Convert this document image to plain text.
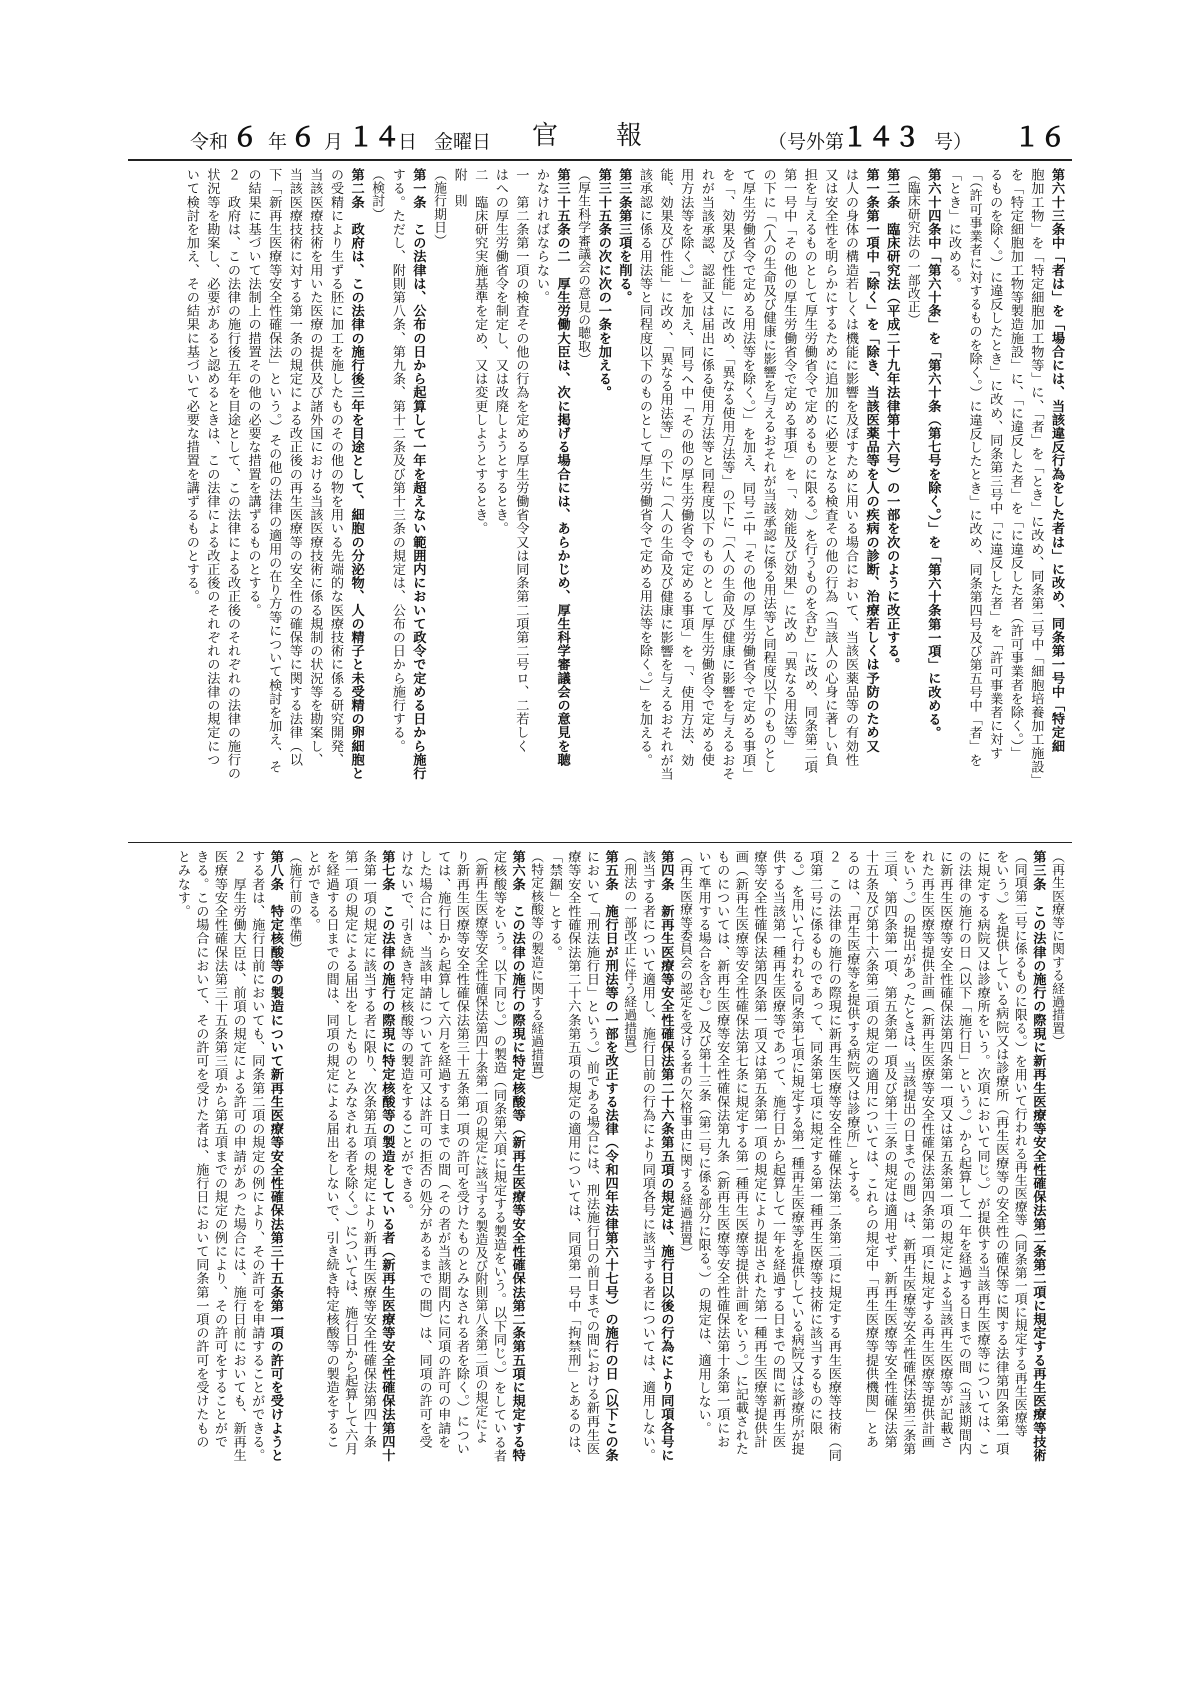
令和 ６ 年 ６ 月 １４
日 金曜日 官　　報	（号外第
１４３ 号） １６
第六十三条中「者は」を「場合には、当該違反行為をした者は」に改め、同条第一号中「特定細
胞加工物」を「特定細胞加工物等」に、「者」を「とき」に改め、同条第二号中「細胞培養加工施設」
を「特定細胞加工物等製造施設」に、「に違反した者」を「に違反した者（許可事業者を除く。）」
るものを除く。）に違反したとき」に改め、同条第三号中「に違反した者」を「許可事業者に対す
「（許可事業者に対するものを除く。）に違反したとき」に改め、同条第四号及び第五号中「者」を
「とき」に改める。
第六十四条中「第六十条」を「第六十条（第七号を除く。）」を「第六十条第一項」に改める。
（臨床研究法の一部改正）
第二条　臨床研究法（平成二十九年法律第十六号）の一部を次のように改正する。
第一条第一項中「除く」を「除き、当該医薬品等を人の疾病の診断、治療若しくは予防のため又
は人の身体の構造若しくは機能に影響を及ぼすために用いる場合において、当該医薬品等の有効性
又は安全性を明らかにするために追加的に必要となる検査その他の行為（当該人の心身に著しい負
担を与えるものとして厚生労働省令で定めるものに限る。）を行うものを含む」に改め、同条第二項
第一号中「その他の厚生労働省令で定める事項」を「、効能及び効果」に改め「異なる用法等」
の下に「（人の生命及び健康に影響を与えるおそれが当該承認に係る用法等と同程度以下のものとし
て厚生労働省令で定める用法等を除く。）」を加え、同号ニ中「その他の厚生労働省令で定める事項」
を「、効果及び性能」に改め、「異なる使用方法等」の下に「（人の生命及び健康に影響を与えるおそ
れが当該承認、認証又は届出に係る使用方法等と同程度以下のものとして厚生労働省令で定める使
用方法等を除く。）」を加え、同号ヘ中「その他の厚生労働省令で定める事項」を「、使用方法、効
能、効果及び性能」に改め、「異なる用法等」の下に「（人の生命及び健康に影響を与えるおそれが当
該承認に係る用法等と同程度以下のものとして厚生労働省令で定める用法等を除く。）」を加える。
第三条第三項を削る。
第三十五条の次に次の一条を加える。
（厚生科学審議会の意見の聴取）
第三十五条の二　厚生労働大臣は、次に掲げる場合には、あらかじめ、厚生科学審議会の意見を聴
かなければならない。
一　第二条第一項の検査その他の行為を定める厚生労働省令又は同条第二項第二号ロ、二若しく
はへの厚生労働省令を制定し、又は改廃しようとするとき。
二　臨床研究実施基準を定め、又は変更しようとするとき。
附　則
（施行期日）
第一条　この法律は、公布の日から起算して一年を超えない範囲内において政令で定める日から施行
する。ただし、附則第八条、第九条、第十二条及び第十三条の規定は、公布の日から施行する。
（検討）
第二条　政府は、この法律の施行後三年を目途として、細胞の分泌物、人の精子と未受精の卵細胞と
の受精により生ずる胚に加工を施したものその他の物を用いる先端的な医療技術に係る研究開発、
当該医療技術を用いた医療の提供及び諸外国における当該医療技術に係る規制の状況等を勘案し、
当該医療技術に対する第一条の規定による改正後の再生医療等の安全性の確保等に関する法律（以
下「新再生医療等安全性確保法」という。）その他の法律の適用の在り方等について検討を加え、そ
の結果に基づいて法制上の措置その他の必要な措置を講ずるものとする。
２　政府は、この法律の施行後五年を目途として、この法律による改正後のそれぞれの法律の施行の
状況等を勘案し、必要があると認めるときは、この法律による改正後のそれぞれの法律の規定につ
いて検討を加え、その結果に基づいて必要な措置を講ずるものとする。
（再生医療等に関する経過措置）
第三条　この法律の施行の際現に新再生医療等安全性確保法第二条第二項に規定する再生医療等技術
（同項第二号に係るものに限る。）を用いて行われる再生医療等（同条第一項に規定する再生医療等
をいう。）を提供している病院又は診療所（再生医療等の安全性の確保等に関する法律第四条第一項
に規定する病院又は診療所をいう。次項において同じ。）が提供する当該再生医療等については、こ
の法律の施行の日（以下「施行日」という。）から起算して一年を経過する日までの間（当該期間内
に新再生医療等安全性確保法第四条第一項又は第五条第一項の規定による当該再生医療等が記載さ
れた再生医療等提供計画（新再生医療等安全性確保法第四条第一項に規定する再生医療等提供計画
をいう。）の提出があったときは、当該提出の日までの間）は、新再生医療等安全性確保法第三条第
三項、第四条第一項、第五条第一項及び第十三条の規定は適用せず、新再生医療等安全性確保法第
十五条及び第十六条第二項の規定の適用については、これらの規定中「再生医療等提供機関」とあ
るのは、「再生医療等を提供する病院又は診療所」とする。
２　この法律の施行の際現に新再生医療等安全性確保法第二条第二項に規定する再生医療等技術（同
項第二号に係るものであって、同条第七項に規定する第一種再生医療等技術に該当するものに限
る。）を用いて行われる同条第七項に規定する第一種再生医療等を提供している病院又は診療所が提
供する当該第一種再生医療等であって、施行日から起算して一年を経過する日までの間に新再生医
療等安全性確保法第四条第一項又は第五条第一項の規定により提出された第一種再生医療等提供計
画（新再生医療等安全性確保法第七条に規定する第一種再生医療等提供計画をいう。）に記載された
ものについては、新再生医療等安全性確保法第九条（新再生医療等安全性確保法第十条第一項にお
いて準用する場合を含む。）及び第十三条（第二号に係る部分に限る。）の規定は、適用しない。
（再生医療等委員会の認定を受ける者の欠格事由に関する経過措置）
第四条　新再生医療等安全性確保法第二十六条第五項の規定は、施行日以後の行為により同項各号に
該当する者について適用し、施行日前の行為により同項各号に該当する者については、適用しない。
（刑法の一部改正に伴う経過措置）
第五条　施行日が刑法等の一部を改正する法律（令和四年法律第六十七号）の施行の日（以下この条
において「刑法施行日」という。）前である場合には、刑法施行日の前日までの間における新再生医
療等安全性確保法第二十六条第五項の規定の適用については、同項第一号中「拘禁刑」とあるのは、
「禁錮」とする。
（特定核酸等の製造に関する経過措置）
第六条　この法律の施行の際現に特定核酸等（新再生医療等安全性確保法第二条第五項に規定する特
定核酸等をいう。以下同じ。）の製造（同条第六項に規定する製造をいう。以下同じ。）をしている者
（新再生医療等安全性確保法第四十条第一項の規定に該当する製造及び附則第八条第二項の規定によ
り新再生医療等安全性確保法第三十五条第一項の許可を受けたものとみなされる者を除く。）につい
ては、施行日から起算して六月を経過する日までの間（その者が当該期間内に同項の許可の申請を
した場合には、当該申請について許可又は許可の拒否の処分があるまでの間）は、同項の許可を受
けないで、引き続き特定核酸等の製造をすることができる。
第七条　この法律の施行の際現に特定核酸等の製造をしている者（新再生医療等安全性確保法第四十
条第一項の規定に該当する者に限り、次条第五項の規定により新再生医療等安全性確保法第四十条
第一項の規定による届出をしたものとみなされる者を除く。）については、施行日から起算して六月
を経過する日までの間は、同項の規定による届出をしないで、引き続き特定核酸等の製造をするこ
とができる。
（施行前の準備）
第八条　特定核酸等の製造について新再生医療等安全性確保法第三十五条第一項の許可を受けようと
する者は、施行日前においても、同条第二項の規定の例により、その許可を申請することができる。
２　厚生労働大臣は、前項の規定による許可の申請があった場合には、施行日前においても、新再生
医療等安全性確保法第三十五条第三項から第五項までの規定の例により、その許可をすることがで
きる。この場合において、その許可を受けた者は、施行日において同条第一項の許可を受けたもの
とみなす。
